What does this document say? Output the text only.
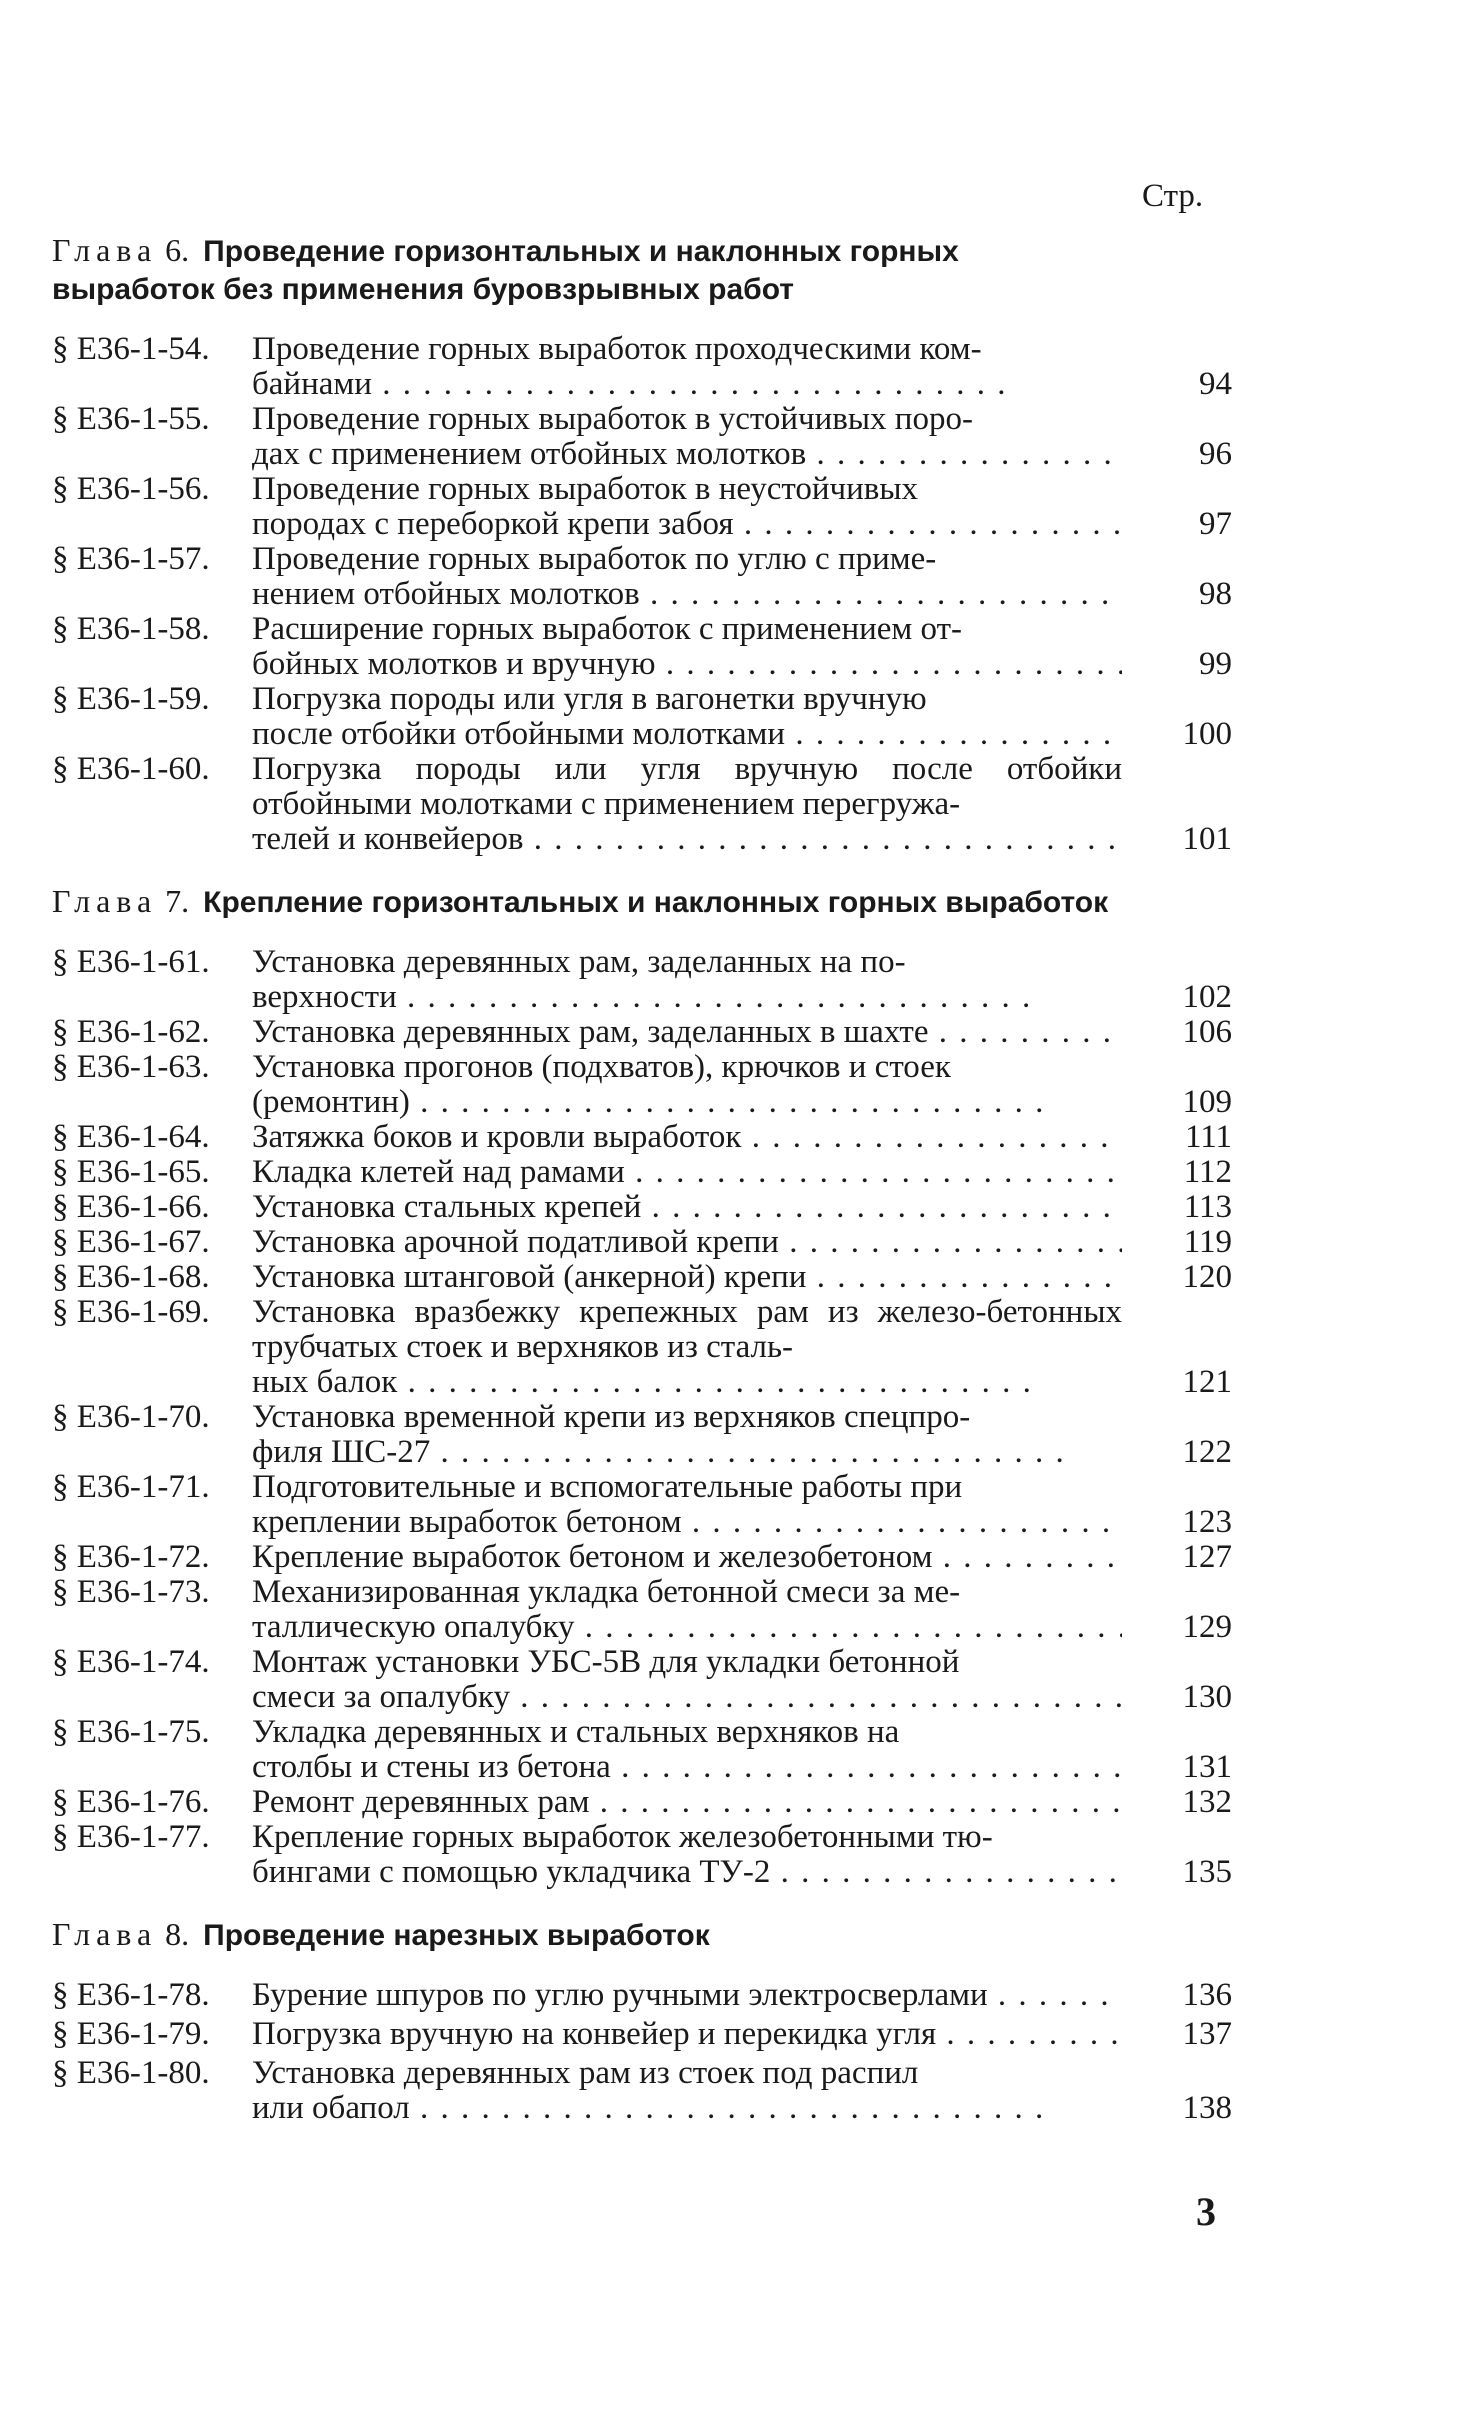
Стр.
Глава 6. Проведение горизонтальных и наклонных горных выработок без применения буровзрывных работ
§ Е36-1-54.	Проведение горных выработок проходческими ком-
байнами . .	94
§ Е36-1-55.	Проведение горных выработок в устойчивых поро-
дах с применением отбойных молотков . .	96
§ Е36-1-56.	Проведение горных выработок в неустойчивых
породах с переборкой крепи забоя . .	97
§ Е36-1-57.	Проведение горных выработок по углю с приме-
нением отбойных молотков . .	98
§ Е36-1-58.	Расширение горных выработок с применением от-
бойных молотков и вручную . .	99
§ Е36-1-59.	Погрузка породы или угля в вагонетки вручную
после отбойки отбойными молотками . .	100
§ Е36-1-60.	Погрузка породы или угля вручную после отбойки отбойными молотками с применением перегружа-
телей и конвейеров . .	101
Глава 7. Крепление горизонтальных и наклонных горных выработок
§ Е36-1-61.	Установка деревянных рам, заделанных на по-
верхности . .	102
§ Е36-1-62.	Установка деревянных рам, заделанных в шахте . .	106
§ Е36-1-63.	Установка прогонов (подхватов), крючков и стоек
(ремонтин) . .	109
§ Е36-1-64.	Затяжка боков и кровли выработок . .	111
§ Е36-1-65.	Кладка клетей над рамами . .	112
§ Е36-1-66.	Установка стальных крепей . .	113
§ Е36-1-67.	Установка арочной податливой крепи . .	119
§ Е36-1-68.	Установка штанговой (анкерной) крепи . .	120
§ Е36-1-69.	Установка вразбежку крепежных рам из железо-бетонных трубчатых стоек и верхняков из сталь-
ных балок . .	121
§ Е36-1-70.	Установка временной крепи из верхняков спецпро-
филя ШС-27 . .	122
§ Е36-1-71.	Подготовительные и вспомогательные работы при
креплении выработок бетоном . .	123
§ Е36-1-72.	Крепление выработок бетоном и железобетоном . .	127
§ Е36-1-73.	Механизированная укладка бетонной смеси за ме-
таллическую опалубку . .	129
§ Е36-1-74.	Монтаж установки УБС-5В для укладки бетонной
смеси за опалубку . .	130
§ Е36-1-75.	Укладка деревянных и стальных верхняков на
столбы и стены из бетона . .	131
§ Е36-1-76.	Ремонт деревянных рам . .	132
§ Е36-1-77.	Крепление горных выработок железобетонными тю-
бингами с помощью укладчика ТУ-2 . .	135
Глава 8. Проведение нарезных выработок
§ Е36-1-78.	Бурение шпуров по углю ручными электросверлами . .	136
§ Е36-1-79.	Погрузка вручную на конвейер и перекидка угля . .	137
§ Е36-1-80.	Установка деревянных рам из стоек под распил
или обапол . .	138
3
